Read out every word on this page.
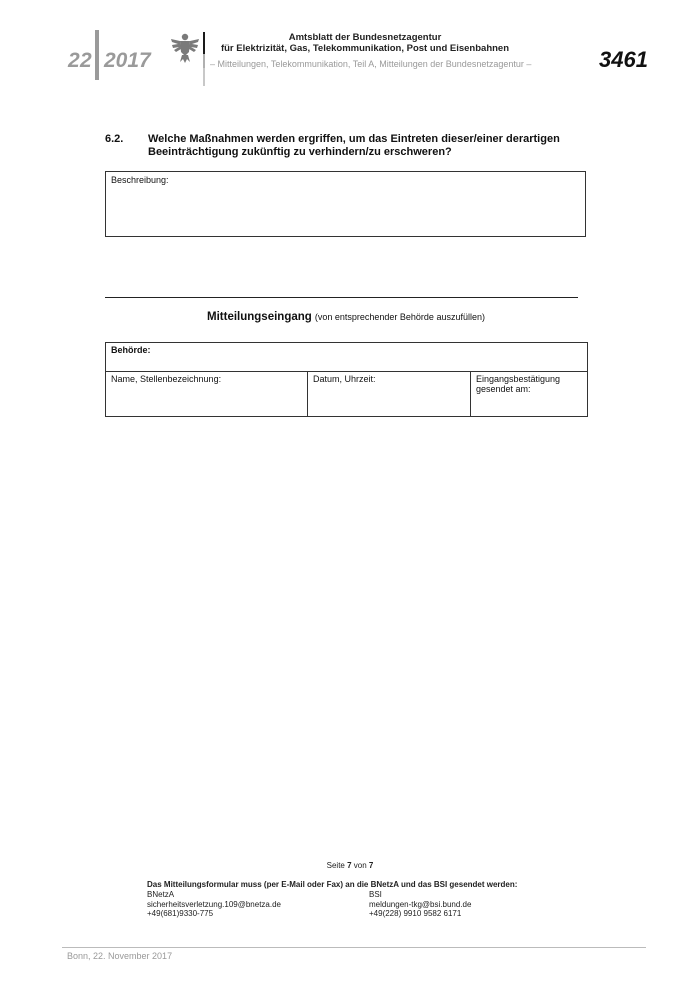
22 2017
Amtsblatt der Bundesnetzagentur
für Elektrizität, Gas, Telekommunikation, Post und Eisenbahnen
– Mitteilungen, Telekommunikation, Teil A, Mitteilungen der Bundesnetzagentur –	3461
6.2. Welche Maßnahmen werden ergriffen, um das Eintreten dieser/einer derartigen Beeinträchtigung zukünftig zu verhindern/zu erschweren?
Beschreibung:
Mitteilungseingang (von entsprechender Behörde auszufüllen)
Behörde:
Name, Stellenbezeichnung:	Datum, Uhrzeit:	Eingangsbestätigung gesendet am:
Seite 7 von 7
Das Mitteilungsformular muss (per E-Mail oder Fax) an die BNetzA und das BSI gesendet werden:
BNetzA
sicherheitsverletzung.109@bnetza.de
+49(681)9330-775
BSI
meldungen-tkg@bsi.bund.de
+49(228) 9910 9582 6171
Bonn, 22. November 2017
